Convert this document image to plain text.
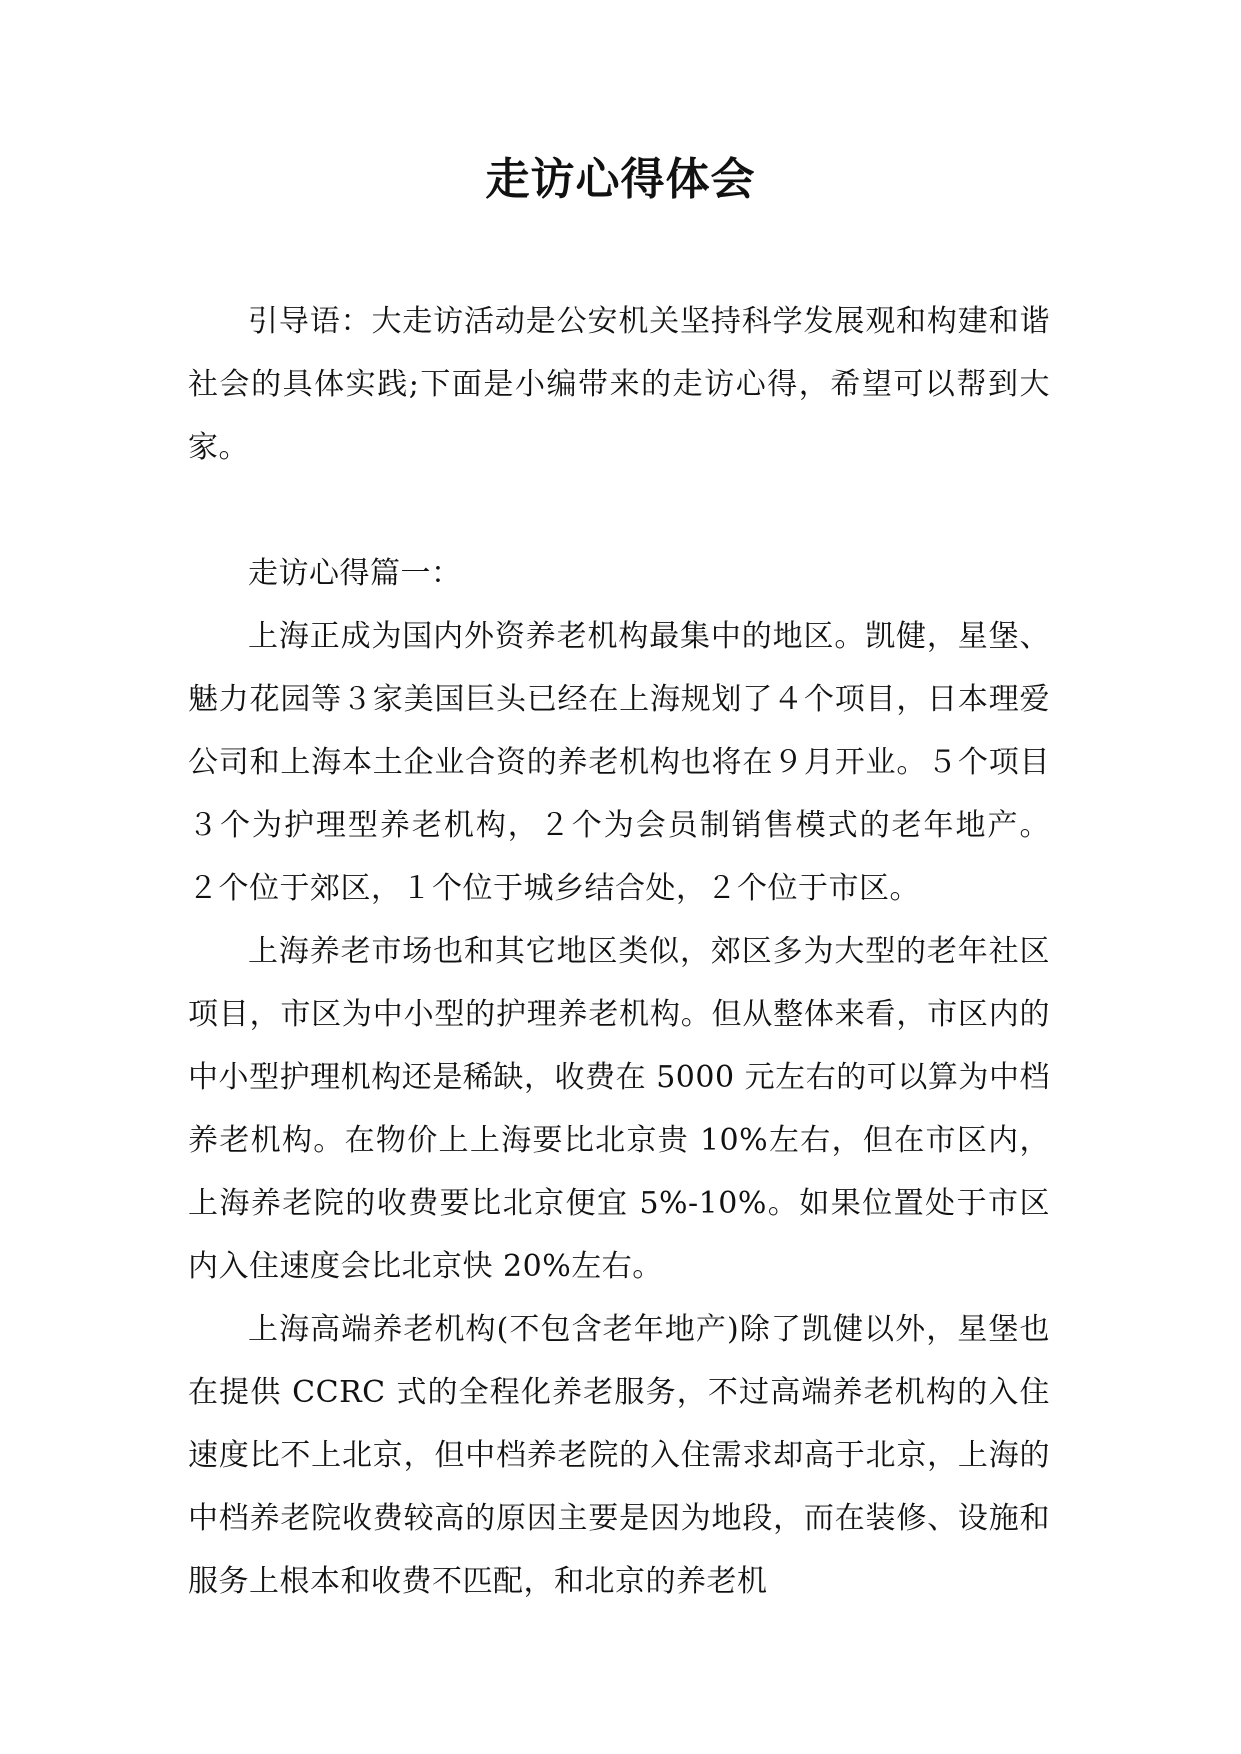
走访心得体会

引导语：大走访活动是公安机关坚持科学发展观和构建和谐社会的具体实践;下面是小编带来的走访心得，希望可以帮到大家。

走访心得篇一：

上海正成为国内外资养老机构最集中的地区。凯健，星堡、魅力花园等３家美国巨头已经在上海规划了４个项目，日本理爱公司和上海本土企业合资的养老机构也将在９月开业。５个项目３个为护理型养老机构，２个为会员制销售模式的老年地产。 ２个位于郊区，１个位于城乡结合处，２个位于市区。

上海养老市场也和其它地区类似，郊区多为大型的老年社区项目，市区为中小型的护理养老机构。但从整体来看，市区内的中小型护理机构还是稀缺，收费在 5000 元左右的可以算为中档养老机构。在物价上上海要比北京贵 10%左右，但在市区内，上海养老院的收费要比北京便宜 5%-10%。如果位置处于市区内入住速度会比北京快 20%左右。

上海高端养老机构(不包含老年地产)除了凯健以外，星堡也在提供 CCRC 式的全程化养老服务，不过高端养老机构的入住速度比不上北京，但中档养老院的入住需求却高于北京，上海的中档养老院收费较高的原因主要是因为地段，而在装修、设施和服务上根本和收费不匹配，和北京的养老机
